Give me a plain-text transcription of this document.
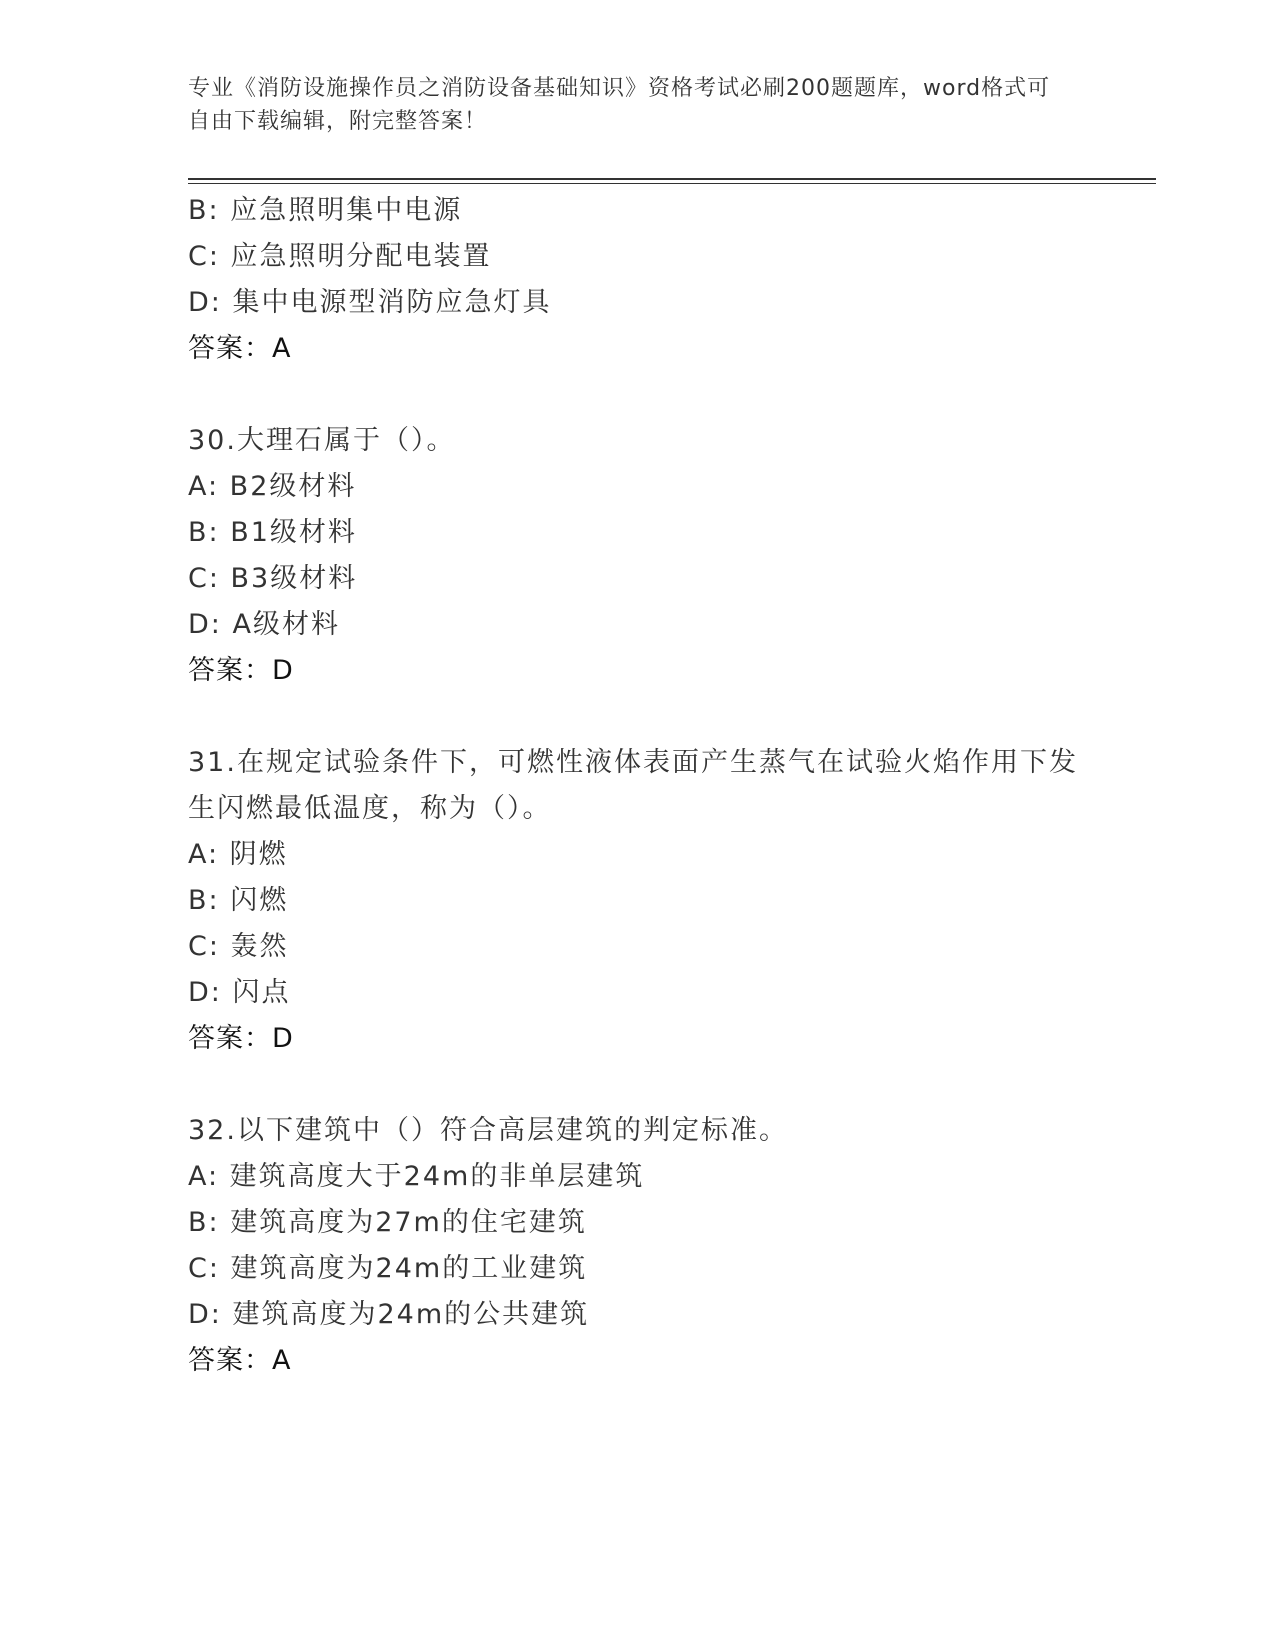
专业《消防设施操作员之消防设备基础知识》资格考试必刷200题题库，word格式可自由下载编辑，附完整答案！
B: 应急照明集中电源
C: 应急照明分配电装置
D: 集中电源型消防应急灯具
答案：A
30.大理石属于（）。
A: B2级材料
B: B1级材料
C: B3级材料
D: A级材料
答案：D
31.在规定试验条件下，可燃性液体表面产生蒸气在试验火焰作用下发生闪燃最低温度，称为（）。
A: 阴燃
B: 闪燃
C: 轰然
D: 闪点
答案：D
32.以下建筑中（）符合高层建筑的判定标准。
A: 建筑高度大于24m的非单层建筑
B: 建筑高度为27m的住宅建筑
C: 建筑高度为24m的工业建筑
D: 建筑高度为24m的公共建筑
答案：A
